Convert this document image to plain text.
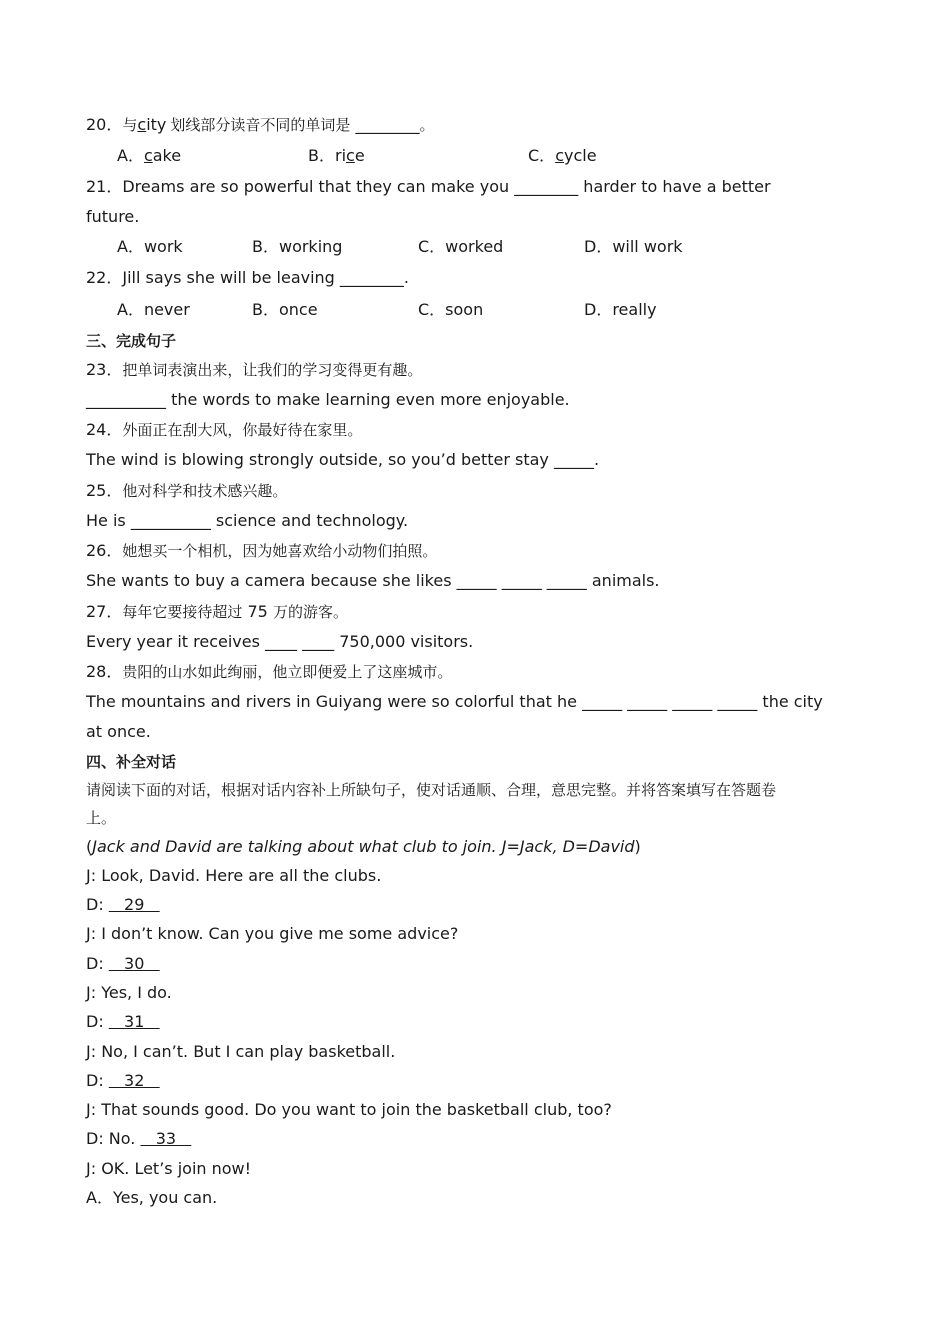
20．与city 划线部分读音不同的单词是 ________。
A．cake	B．rice	C．cycle
21．Dreams are so powerful that they can make you ________ harder to have a better
future.
A．work	B．working	C．worked	D．will work
22．Jill says she will be leaving ________.
A．never	B．once	C．soon	D．really
三、完成句子
23．把单词表演出来，让我们的学习变得更有趣。
__________ the words to make learning even more enjoyable.
24．外面正在刮大风，你最好待在家里。
The wind is blowing strongly outside, so you’d better stay _____.
25．他对科学和技术感兴趣。
He is __________ science and technology.
26．她想买一个相机，因为她喜欢给小动物们拍照。
She wants to buy a camera because she likes _____ _____ _____ animals.
27．每年它要接待超过 75 万的游客。
Every year it receives ____ ____ 750,000 visitors.
28．贵阳的山水如此绚丽，他立即便爱上了这座城市。
The mountains and rivers in Guiyang were so colorful that he _____ _____ _____ _____ the city
at once.
四、补全对话
请阅读下面的对话，根据对话内容补上所缺句子，使对话通顺、合理，意思完整。并将答案填写在答题卷
上。
(Jack and David are talking about what club to join. J=Jack, D=David)
J: Look, David. Here are all the clubs.
D:    29
J: I don’t know. Can you give me some advice?
D:    30
J: Yes, I do.
D:    31
J: No, I can’t. But I can play basketball.
D:    32
J: That sounds good. Do you want to join the basketball club, too?
D: No.    33
J: OK. Let’s join now!
A．Yes, you can.
